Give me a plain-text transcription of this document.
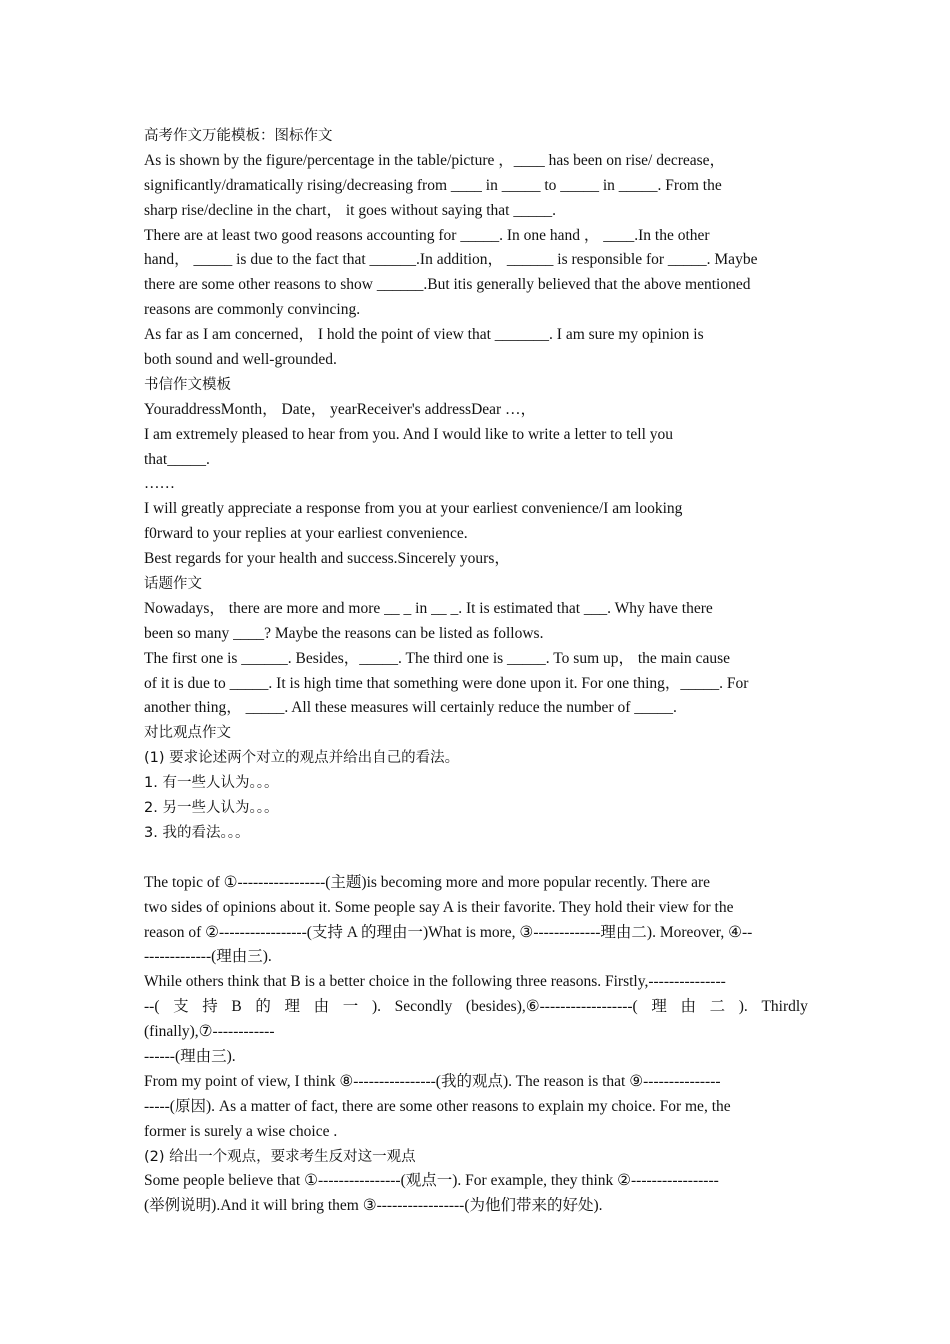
高考作文万能模板：图标作文
As is shown by the figure/percentage in the table/picture ，____ has been on rise/ decrease，
significantly/dramatically rising/decreasing from ____ in _____ to _____ in _____. From the
sharp rise/decline in the chart， it goes without saying that _____.
There are at least two good reasons accounting for _____. In one hand ， ____.In the other
hand， _____ is due to the fact that ______.In addition， ______ is responsible for _____. Maybe
there are some other reasons to show ______.But itis generally believed that the above mentioned
reasons are commonly convincing.
As far as I am concerned， I hold the point of view that _______. I am sure my opinion is
both sound and well-grounded.
书信作文模板
YouraddressMonth， Date， yearReceiver's addressDear …，
I am extremely pleased to hear from you. And I would like to write a letter to tell you
that_____.
……
I will greatly appreciate a response from you at your earliest convenience/I am looking
f0rward to your replies at your earliest convenience.
Best regards for your health and success.Sincerely yours，
话题作文
Nowadays， there are more and more __ _ in __ _. It is estimated that ___. Why have there
been so many ____? Maybe the reasons can be listed as follows.
The first one is ______. Besides，_____. The third one is _____. To sum up， the main cause
of it is due to _____. It is high time that something were done upon it. For one thing，_____. For
another thing， _____. All these measures will certainly reduce the number of _____.
对比观点作文
(1) 要求论述两个对立的观点并给出自己的看法。
1. 有一些人认为。。。
2. 另一些人认为。。。
3. 我的看法。。。
The topic of ①-----------------(主题)is becoming more and more popular recently. There are
two sides of opinions about it. Some people say A is their favorite. They hold their view for the
reason of ②-----------------(支持 A 的理由一)What is more, ③-------------理由二). Moreover, ④--
-------------(理由三).
While others think that B is a better choice in the following three reasons. Firstly,---------------
--( 支 持 B 的 理 由 一 ). Secondly (besides),⑥------------------( 理 由 二 ). Thirdly
(finally),⑦------------
------(理由三).
From my point of view, I think ⑧----------------(我的观点). The reason is that ⑨---------------
-----(原因). As a matter of fact, there are some other reasons to explain my choice. For me, the
former is surely a wise choice .
(2) 给出一个观点，要求考生反对这一观点
Some people believe that ①----------------(观点一). For example, they think ②-----------------
(举例说明).And it will bring them ③-----------------(为他们带来的好处).
